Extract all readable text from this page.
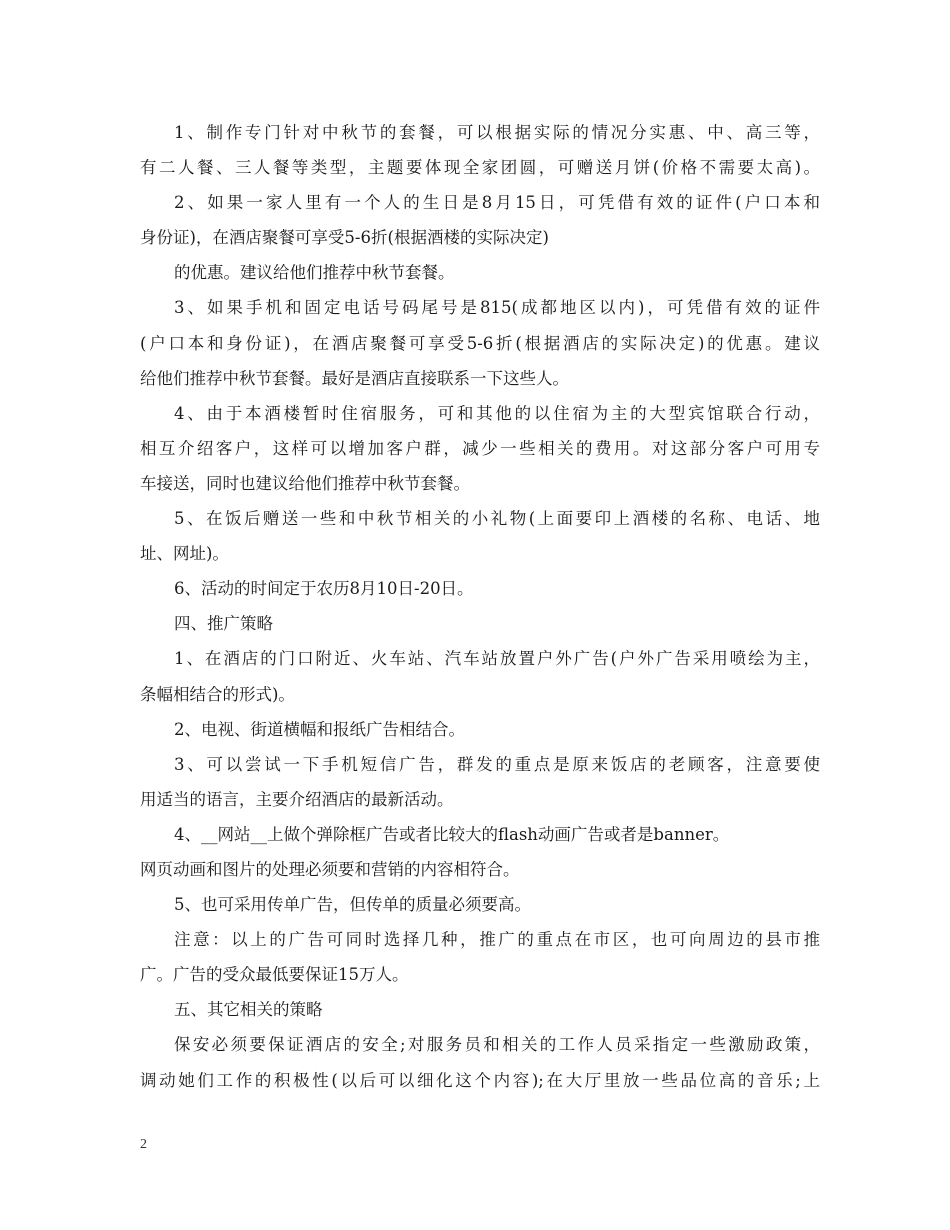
1、制作专门针对中秋节的套餐，可以根据实际的情况分实惠、中、高三等，
有二人餐、三人餐等类型，主题要体现全家团圆，可赠送月饼(价格不需要太高)。
2、如果一家人里有一个人的生日是8月15日，可凭借有效的证件(户口本和
身份证)，在酒店聚餐可享受5-6折(根据酒楼的实际决定)
的优惠。建议给他们推荐中秋节套餐。
3、如果手机和固定电话号码尾号是815(成都地区以内)，可凭借有效的证件
(户口本和身份证)，在酒店聚餐可享受5-6折(根据酒店的实际决定)的优惠。建议
给他们推荐中秋节套餐。最好是酒店直接联系一下这些人。
4、由于本酒楼暂时住宿服务，可和其他的以住宿为主的大型宾馆联合行动，
相互介绍客户，这样可以增加客户群，减少一些相关的费用。对这部分客户可用专
车接送，同时也建议给他们推荐中秋节套餐。
5、在饭后赠送一些和中秋节相关的小礼物(上面要印上酒楼的名称、电话、地
址、网址)。
6、活动的时间定于农历8月10日-20日。
四、推广策略
1、在酒店的门口附近、火车站、汽车站放置户外广告(户外广告采用喷绘为主，
条幅相结合的形式)。
2、电视、街道横幅和报纸广告相结合。
3、可以尝试一下手机短信广告，群发的重点是原来饭店的老顾客，注意要使
用适当的语言，主要介绍酒店的最新活动。
4、__网站__上做个弹除框广告或者比较大的flash动画广告或者是banner。
网页动画和图片的处理必须要和营销的内容相符合。
5、也可采用传单广告，但传单的质量必须要高。
注意：以上的广告可同时选择几种，推广的重点在市区，也可向周边的县市推
广。广告的受众最低要保证15万人。
五、其它相关的策略
保安必须要保证酒店的安全;对服务员和相关的工作人员采指定一些激励政策，
调动她们工作的积极性(以后可以细化这个内容);在大厅里放一些品位高的音乐;上
2
